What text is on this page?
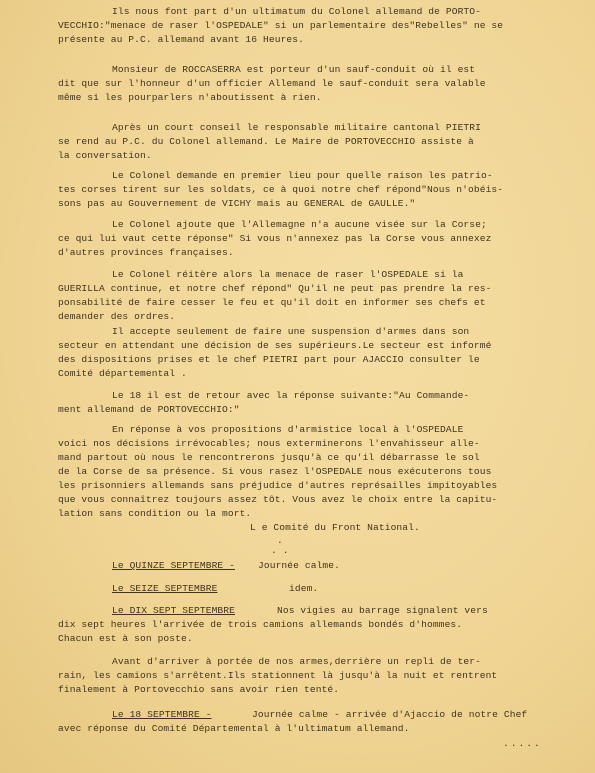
Ils nous font part d'un ultimatum du Colonel allemand de PORTO-
VECCHIO:"menace de raser l'OSPEDALE" si un parlementaire des"Rebelles" ne se
présente au P.C. allemand avant 16 Heures.
Monsieur de ROCCASERRA est porteur d'un sauf-conduit où il est
dit que sur l'honneur d'un officier Allemand le sauf-conduit sera valable
même si les pourparlers n'aboutissent à rien.
Après un court conseil le responsable militaire cantonal PIETRI
se rend au P.C. du Colonel allemand. Le Maire de PORTOVECCHIO assiste à
la conversation.
Le Colonel demande en premier lieu pour quelle raison les patrio-
tes corses tirent sur les soldats, ce à quoi notre chef répond"Nous n'obéis-
sons pas au Gouvernement de VICHY mais au GENERAL de GAULLE."
Le Colonel ajoute que l'Allemagne n'a aucune visée sur la Corse;
ce qui lui vaut cette réponse" Si vous n'annexez pas la Corse vous annexez
d'autres provinces françaises.
Le Colonel réitère alors la menace de raser l'OSPEDALE si la
GUERILLA continue, et notre chef répond" Qu'il ne peut pas prendre la res-
ponsabilité de faire cesser le feu et qu'il doit en informer ses chefs et
demander des ordres.
Il accepte seulement de faire une suspension d'armes dans son
secteur en attendant une décision de ses supérieurs.Le secteur est informé
des dispositions prises et le chef PIETRI part pour AJACCIO consulter le
Comité départemental .
Le 18 il est de retour avec la réponse suivante:"Au Commande-
ment allemand de PORTOVECCHIO:"
En réponse à vos propositions d'armistice local à l'OSPEDALE
voici nos décisions irrévocables; nous exterminerons l'envahisseur alle-
mand partout où nous le rencontrerons jusqu'à ce qu'il débarrasse le sol
de la Corse de sa présence. Si vous rasez l'OSPEDALE nous exécuterons tous
les prisonniers allemands sans préjudice d'autres représailles impitoyables
que vous connaîtrez toujours assez tôt. Vous avez le choix entre la capitu-
lation sans condition ou la mort.
L e Comité du Front National.
.
. .
Le QUINZE SEPTEMBRE - Journée calme.
Le SEIZE SEPTEMBRE	idem.
Le DIX SEPT SEPTEMBRE	Nos vigies au barrage signalent vers
dix sept heures l'arrivée de trois camions allemands bondés d'hommes.
Chacun est à son poste.
Avant d'arriver à portée de nos armes,derrière un repli de ter-
rain, les camions s'arrêtent.Ils stationnent là jusqu'à la nuit et rentrent
finalement à Portovecchio sans avoir rien tenté.
Le 18 SEPTEMBRE -	Journée calme - arrivée d'Ajaccio de notre Chef
avec réponse du Comité Départemental à l'ultimatum allemand.
.....
